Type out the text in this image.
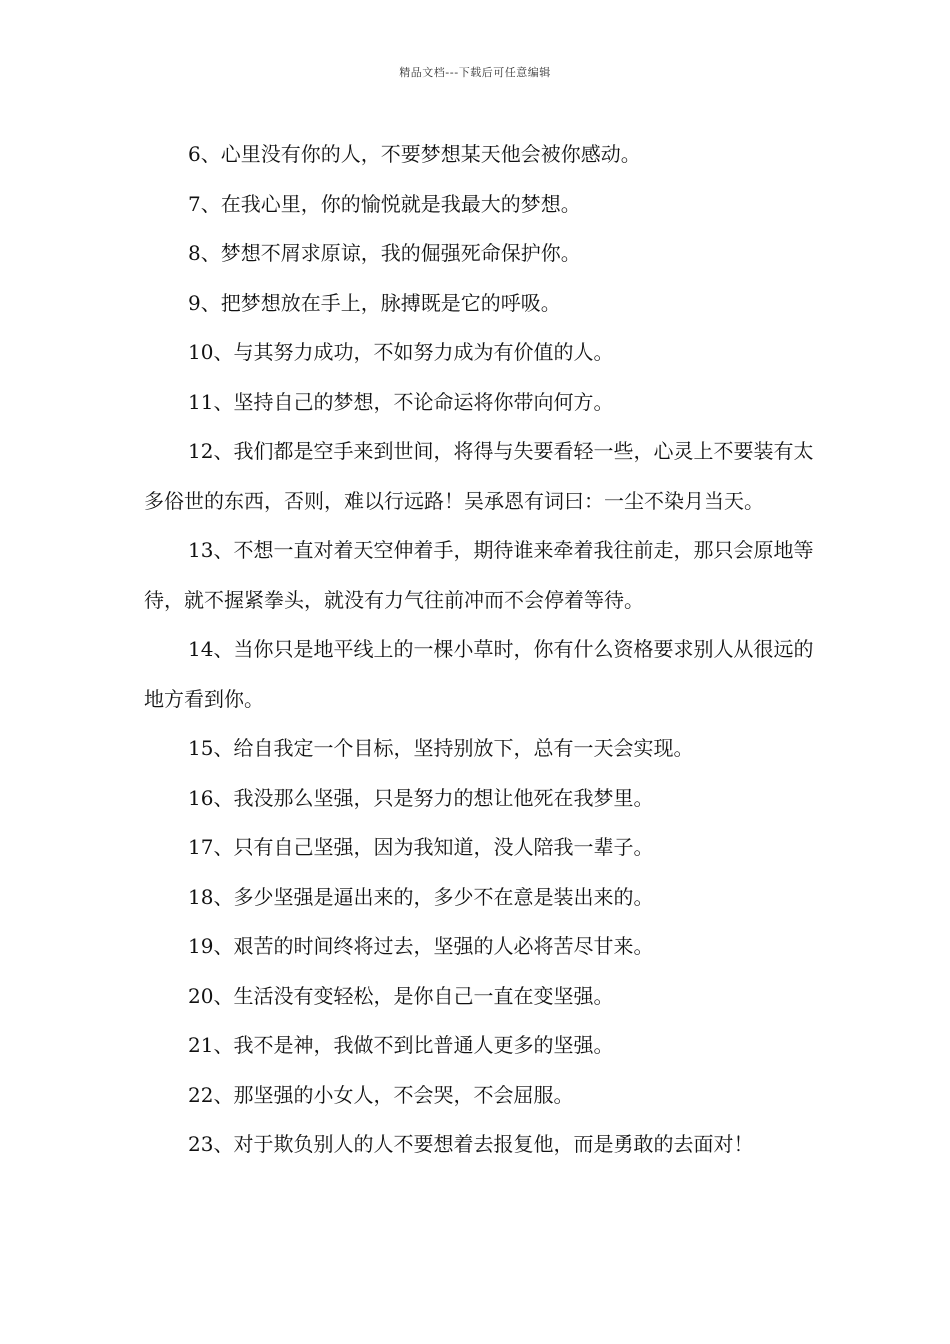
精品文档---下载后可任意编辑

6、心里没有你的人，不要梦想某天他会被你感动。

7、在我心里，你的愉悦就是我最大的梦想。

8、梦想不屑求原谅，我的倔强死命保护你。

9、把梦想放在手上，脉搏既是它的呼吸。

10、与其努力成功，不如努力成为有价值的人。

11、坚持自己的梦想，不论命运将你带向何方。

12、我们都是空手来到世间，将得与失要看轻一些，心灵上不要装有太多俗世的东西，否则，难以行远路！吴承恩有词曰：一尘不染月当天。

13、不想一直对着天空伸着手，期待谁来牵着我往前走，那只会原地等待，就不握紧拳头，就没有力气往前冲而不会停着等待。

14、当你只是地平线上的一棵小草时，你有什么资格要求别人从很远的地方看到你。

15、给自我定一个目标，坚持别放下，总有一天会实现。

16、我没那么坚强，只是努力的想让他死在我梦里。

17、只有自己坚强，因为我知道，没人陪我一辈子。

18、多少坚强是逼出来的，多少不在意是装出来的。

19、艰苦的时间终将过去，坚强的人必将苦尽甘来。

20、生活没有变轻松，是你自己一直在变坚强。

21、我不是神，我做不到比普通人更多的坚强。

22、那坚强的小女人，不会哭，不会屈服。

23、对于欺负别人的人不要想着去报复他，而是勇敢的去面对！
